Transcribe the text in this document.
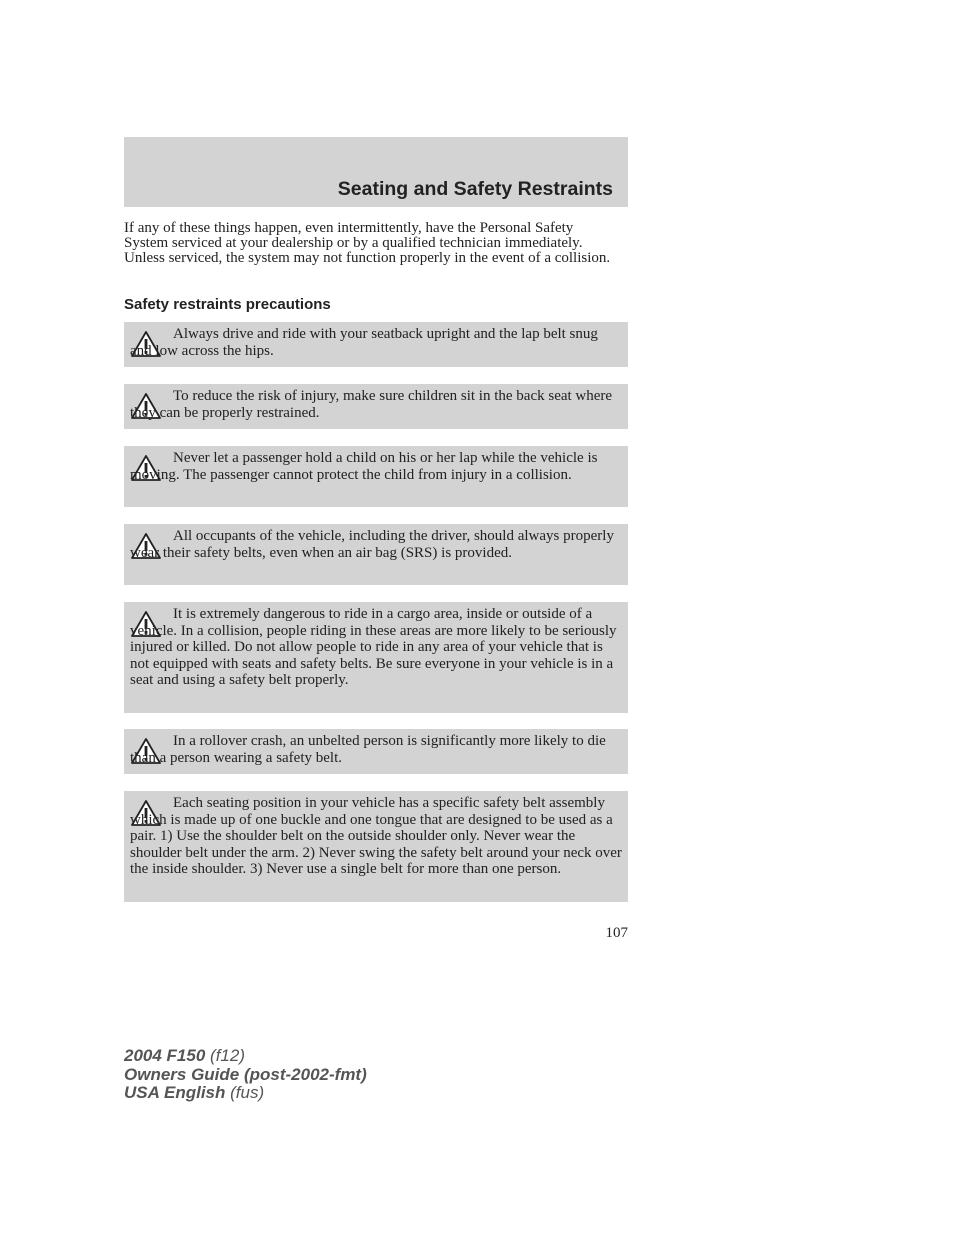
Seating and Safety Restraints

If any of these things happen, even intermittently, have the Personal Safety System serviced at your dealership or by a qualified technician immediately. Unless serviced, the system may not function properly in the event of a collision.

Safety restraints precautions

Always drive and ride with your seatback upright and the lap belt snug and low across the hips.

To reduce the risk of injury, make sure children sit in the back seat where they can be properly restrained.

Never let a passenger hold a child on his or her lap while the vehicle is moving. The passenger cannot protect the child from injury in a collision.

All occupants of the vehicle, including the driver, should always properly wear their safety belts, even when an air bag (SRS) is provided.

It is extremely dangerous to ride in a cargo area, inside or outside of a vehicle. In a collision, people riding in these areas are more likely to be seriously injured or killed. Do not allow people to ride in any area of your vehicle that is not equipped with seats and safety belts. Be sure everyone in your vehicle is in a seat and using a safety belt properly.

In a rollover crash, an unbelted person is significantly more likely to die than a person wearing a safety belt.

Each seating position in your vehicle has a specific safety belt assembly which is made up of one buckle and one tongue that are designed to be used as a pair. 1) Use the shoulder belt on the outside shoulder only. Never wear the shoulder belt under the arm. 2) Never swing the safety belt around your neck over the inside shoulder. 3) Never use a single belt for more than one person.

107

2004 F150 (f12)
Owners Guide (post-2002-fmt)
USA English (fus)
